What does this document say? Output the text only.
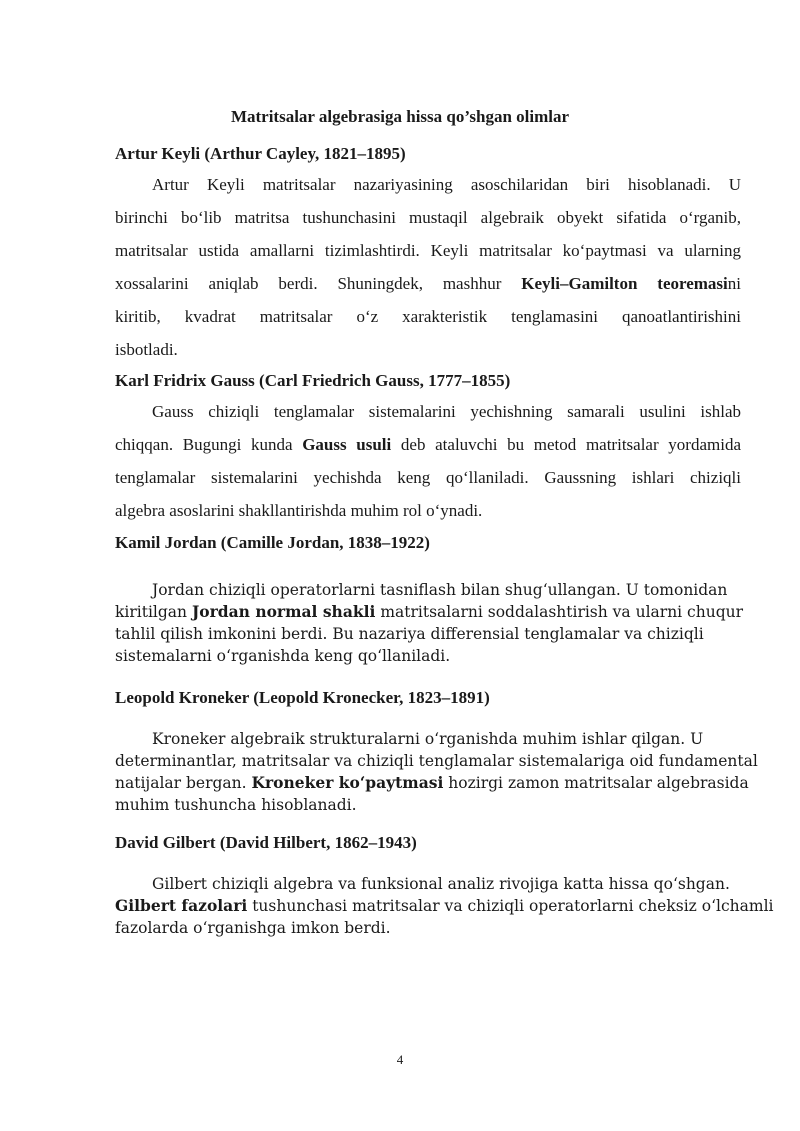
Matritsalar algebrasiga hissa qo’shgan olimlar

Artur Keyli (Arthur Cayley, 1821–1895)

Artur Keyli matritsalar nazariyasining asoschilaridan biri hisoblanadi. U
birinchi bo‘lib matritsa tushunchasini mustaqil algebraik obyekt sifatida o‘rganib,
matritsalar ustida amallarni tizimlashtirdi. Keyli matritsalar ko‘paytmasi va ularning
xossalarini aniqlab berdi. Shuningdek, mashhur Keyli–Gamilton teoremasini
kiritib, kvadrat matritsalar o‘z xarakteristik tenglamasini qanoatlantirishini
isbotladi.

Karl Fridrix Gauss (Carl Friedrich Gauss, 1777–1855)

Gauss chiziqli tenglamalar sistemalarini yechishning samarali usulini ishlab
chiqqan. Bugungi kunda Gauss usuli deb ataluvchi bu metod matritsalar yordamida
tenglamalar sistemalarini yechishda keng qo‘llaniladi. Gaussning ishlari chiziqli
algebra asoslarini shakllantirishda muhim rol o‘ynadi.

Kamil Jordan (Camille Jordan, 1838–1922)

Jordan chiziqli operatorlarni tasniflash bilan shug‘ullangan. U tomonidan
kiritilgan Jordan normal shakli matritsalarni soddalashtirish va ularni chuqur
tahlil qilish imkonini berdi. Bu nazariya differensial tenglamalar va chiziqli
sistemalarni o‘rganishda keng qo‘llaniladi.

Leopold Kroneker (Leopold Kronecker, 1823–1891)

Kroneker algebraik strukturalarni o‘rganishda muhim ishlar qilgan. U
determinantlar, matritsalar va chiziqli tenglamalar sistemalariga oid fundamental
natijalar bergan. Kroneker ko‘paytmasi hozirgi zamon matritsalar algebrasida
muhim tushuncha hisoblanadi.

David Gilbert (David Hilbert, 1862–1943)

Gilbert chiziqli algebra va funksional analiz rivojiga katta hissa qo‘shgan.
Gilbert fazolari tushunchasi matritsalar va chiziqli operatorlarni cheksiz o‘lchamli
fazolarda o‘rganishga imkon berdi.

4
